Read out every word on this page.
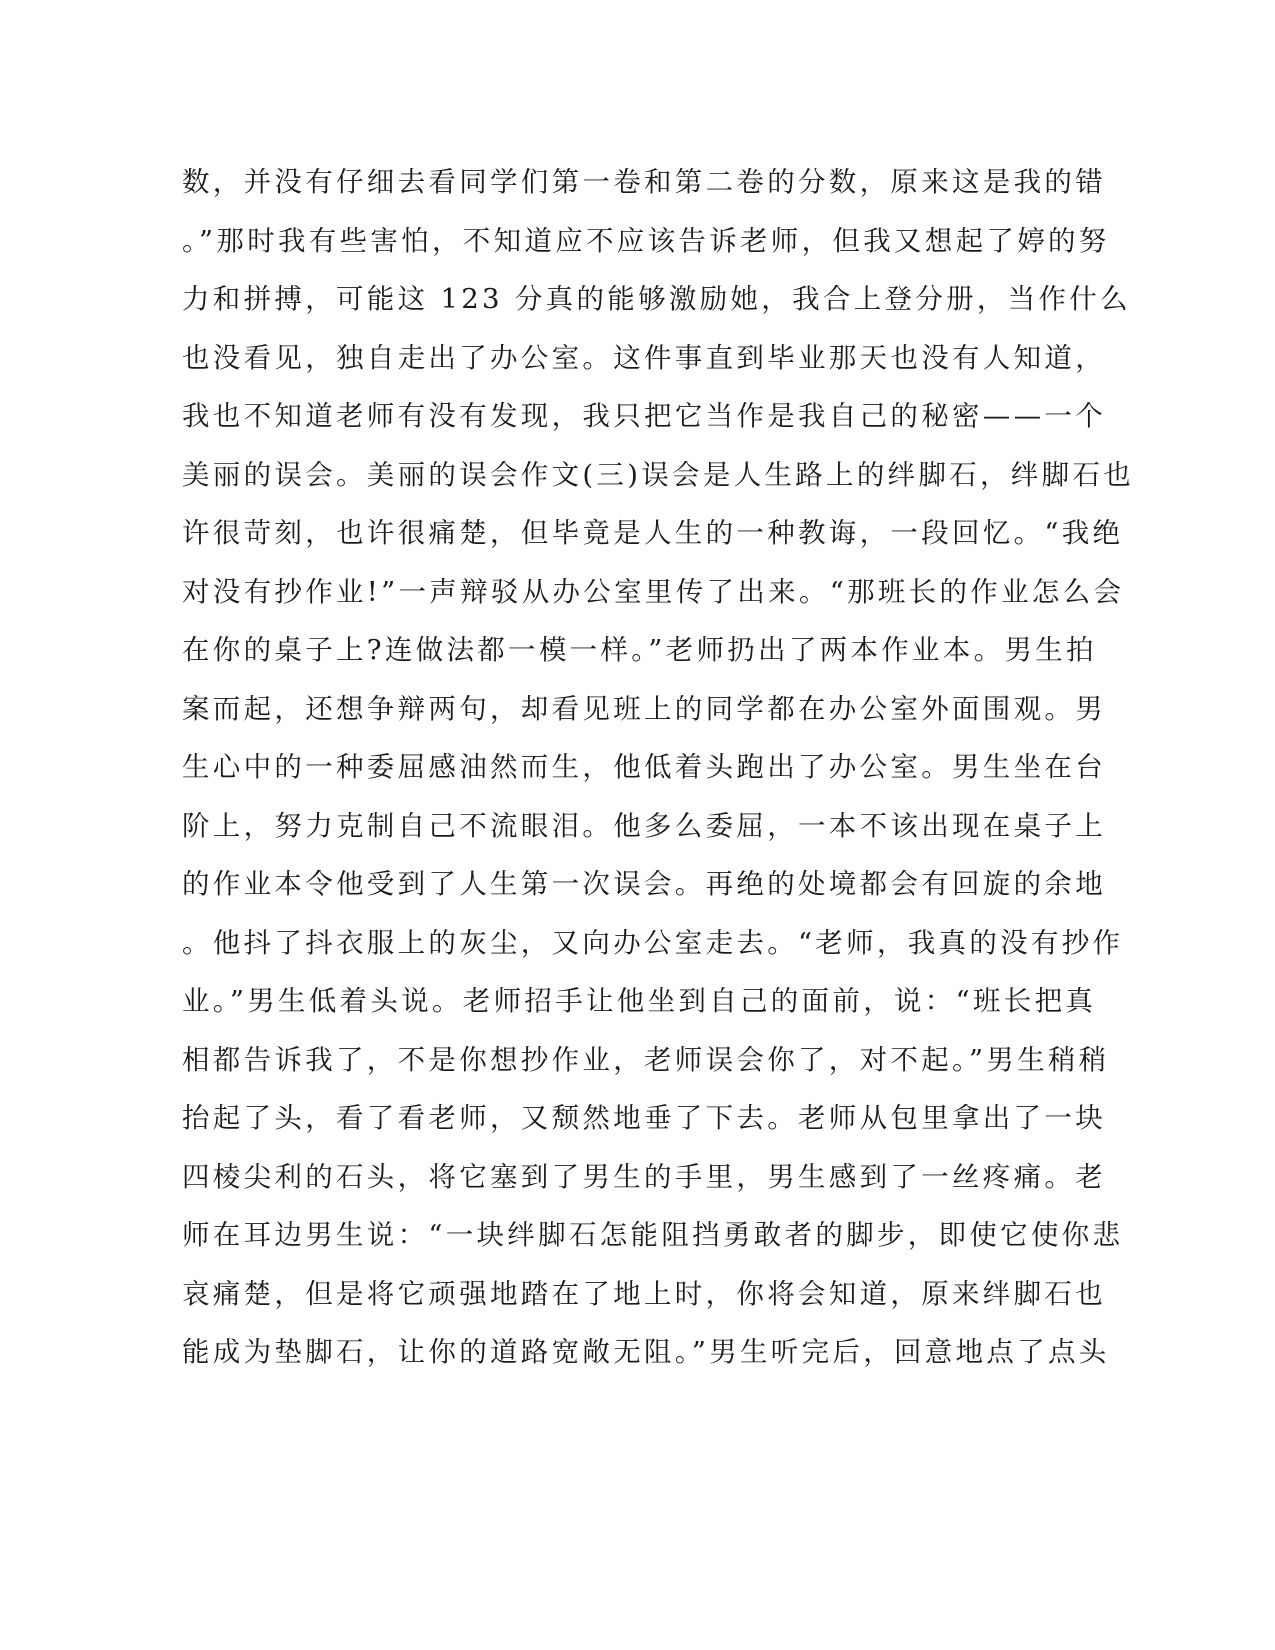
数，并没有仔细去看同学们第一卷和第二卷的分数，原来这是我的错
。”那时我有些害怕，不知道应不应该告诉老师，但我又想起了婷的努
力和拼搏，可能这 123 分真的能够激励她，我合上登分册，当作什么
也没看见，独自走出了办公室。这件事直到毕业那天也没有人知道，
我也不知道老师有没有发现，我只把它当作是我自己的秘密——一个
美丽的误会。美丽的误会作文(三)误会是人生路上的绊脚石，绊脚石也
许很苛刻，也许很痛楚，但毕竟是人生的一种教诲，一段回忆。“我绝
对没有抄作业!”一声辩驳从办公室里传了出来。“那班长的作业怎么会
在你的桌子上?连做法都一模一样。”老师扔出了两本作业本。男生拍
案而起，还想争辩两句，却看见班上的同学都在办公室外面围观。男
生心中的一种委屈感油然而生，他低着头跑出了办公室。男生坐在台
阶上，努力克制自己不流眼泪。他多么委屈，一本不该出现在桌子上
的作业本令他受到了人生第一次误会。再绝的处境都会有回旋的余地
。他抖了抖衣服上的灰尘，又向办公室走去。“老师，我真的没有抄作
业。”男生低着头说。老师招手让他坐到自己的面前，说：“班长把真
相都告诉我了，不是你想抄作业，老师误会你了，对不起。”男生稍稍
抬起了头，看了看老师，又颓然地垂了下去。老师从包里拿出了一块
四棱尖利的石头，将它塞到了男生的手里，男生感到了一丝疼痛。老
师在耳边男生说：“一块绊脚石怎能阻挡勇敢者的脚步，即使它使你悲
哀痛楚，但是将它顽强地踏在了地上时，你将会知道，原来绊脚石也
能成为垫脚石，让你的道路宽敞无阻。”男生听完后，回意地点了点头
